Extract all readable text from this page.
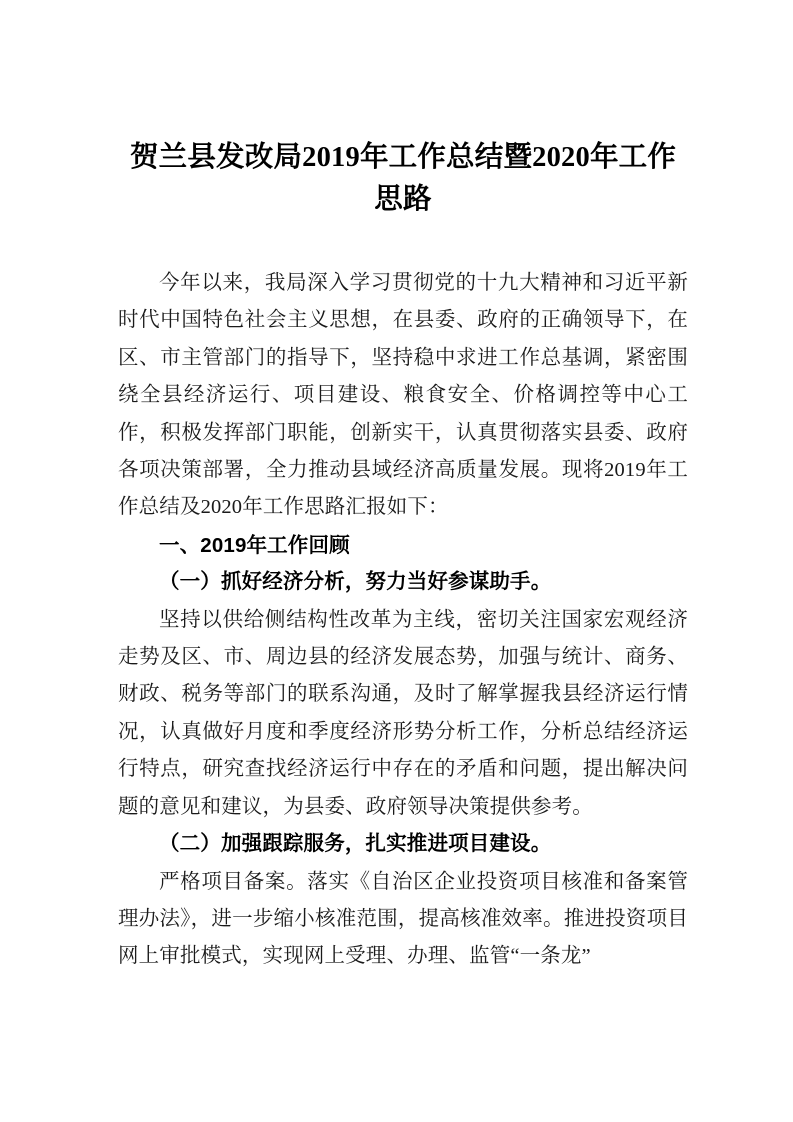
贺兰县发改局2019年工作总结暨2020年工作思路

今年以来，我局深入学习贯彻党的十九大精神和习近平新时代中国特色社会主义思想，在县委、政府的正确领导下，在区、市主管部门的指导下，坚持稳中求进工作总基调，紧密围绕全县经济运行、项目建设、粮食安全、价格调控等中心工作，积极发挥部门职能，创新实干，认真贯彻落实县委、政府各项决策部署，全力推动县域经济高质量发展。现将2019年工作总结及2020年工作思路汇报如下：

一、2019年工作回顾
（一）抓好经济分析，努力当好参谋助手。

坚持以供给侧结构性改革为主线，密切关注国家宏观经济走势及区、市、周边县的经济发展态势，加强与统计、商务、财政、税务等部门的联系沟通，及时了解掌握我县经济运行情况，认真做好月度和季度经济形势分析工作，分析总结经济运行特点，研究查找经济运行中存在的矛盾和问题，提出解决问题的意见和建议，为县委、政府领导决策提供参考。

（二）加强跟踪服务，扎实推进项目建设。

严格项目备案。落实《自治区企业投资项目核准和备案管理办法》，进一步缩小核准范围，提高核准效率。推进投资项目网上审批模式，实现网上受理、办理、监管“一条龙”
